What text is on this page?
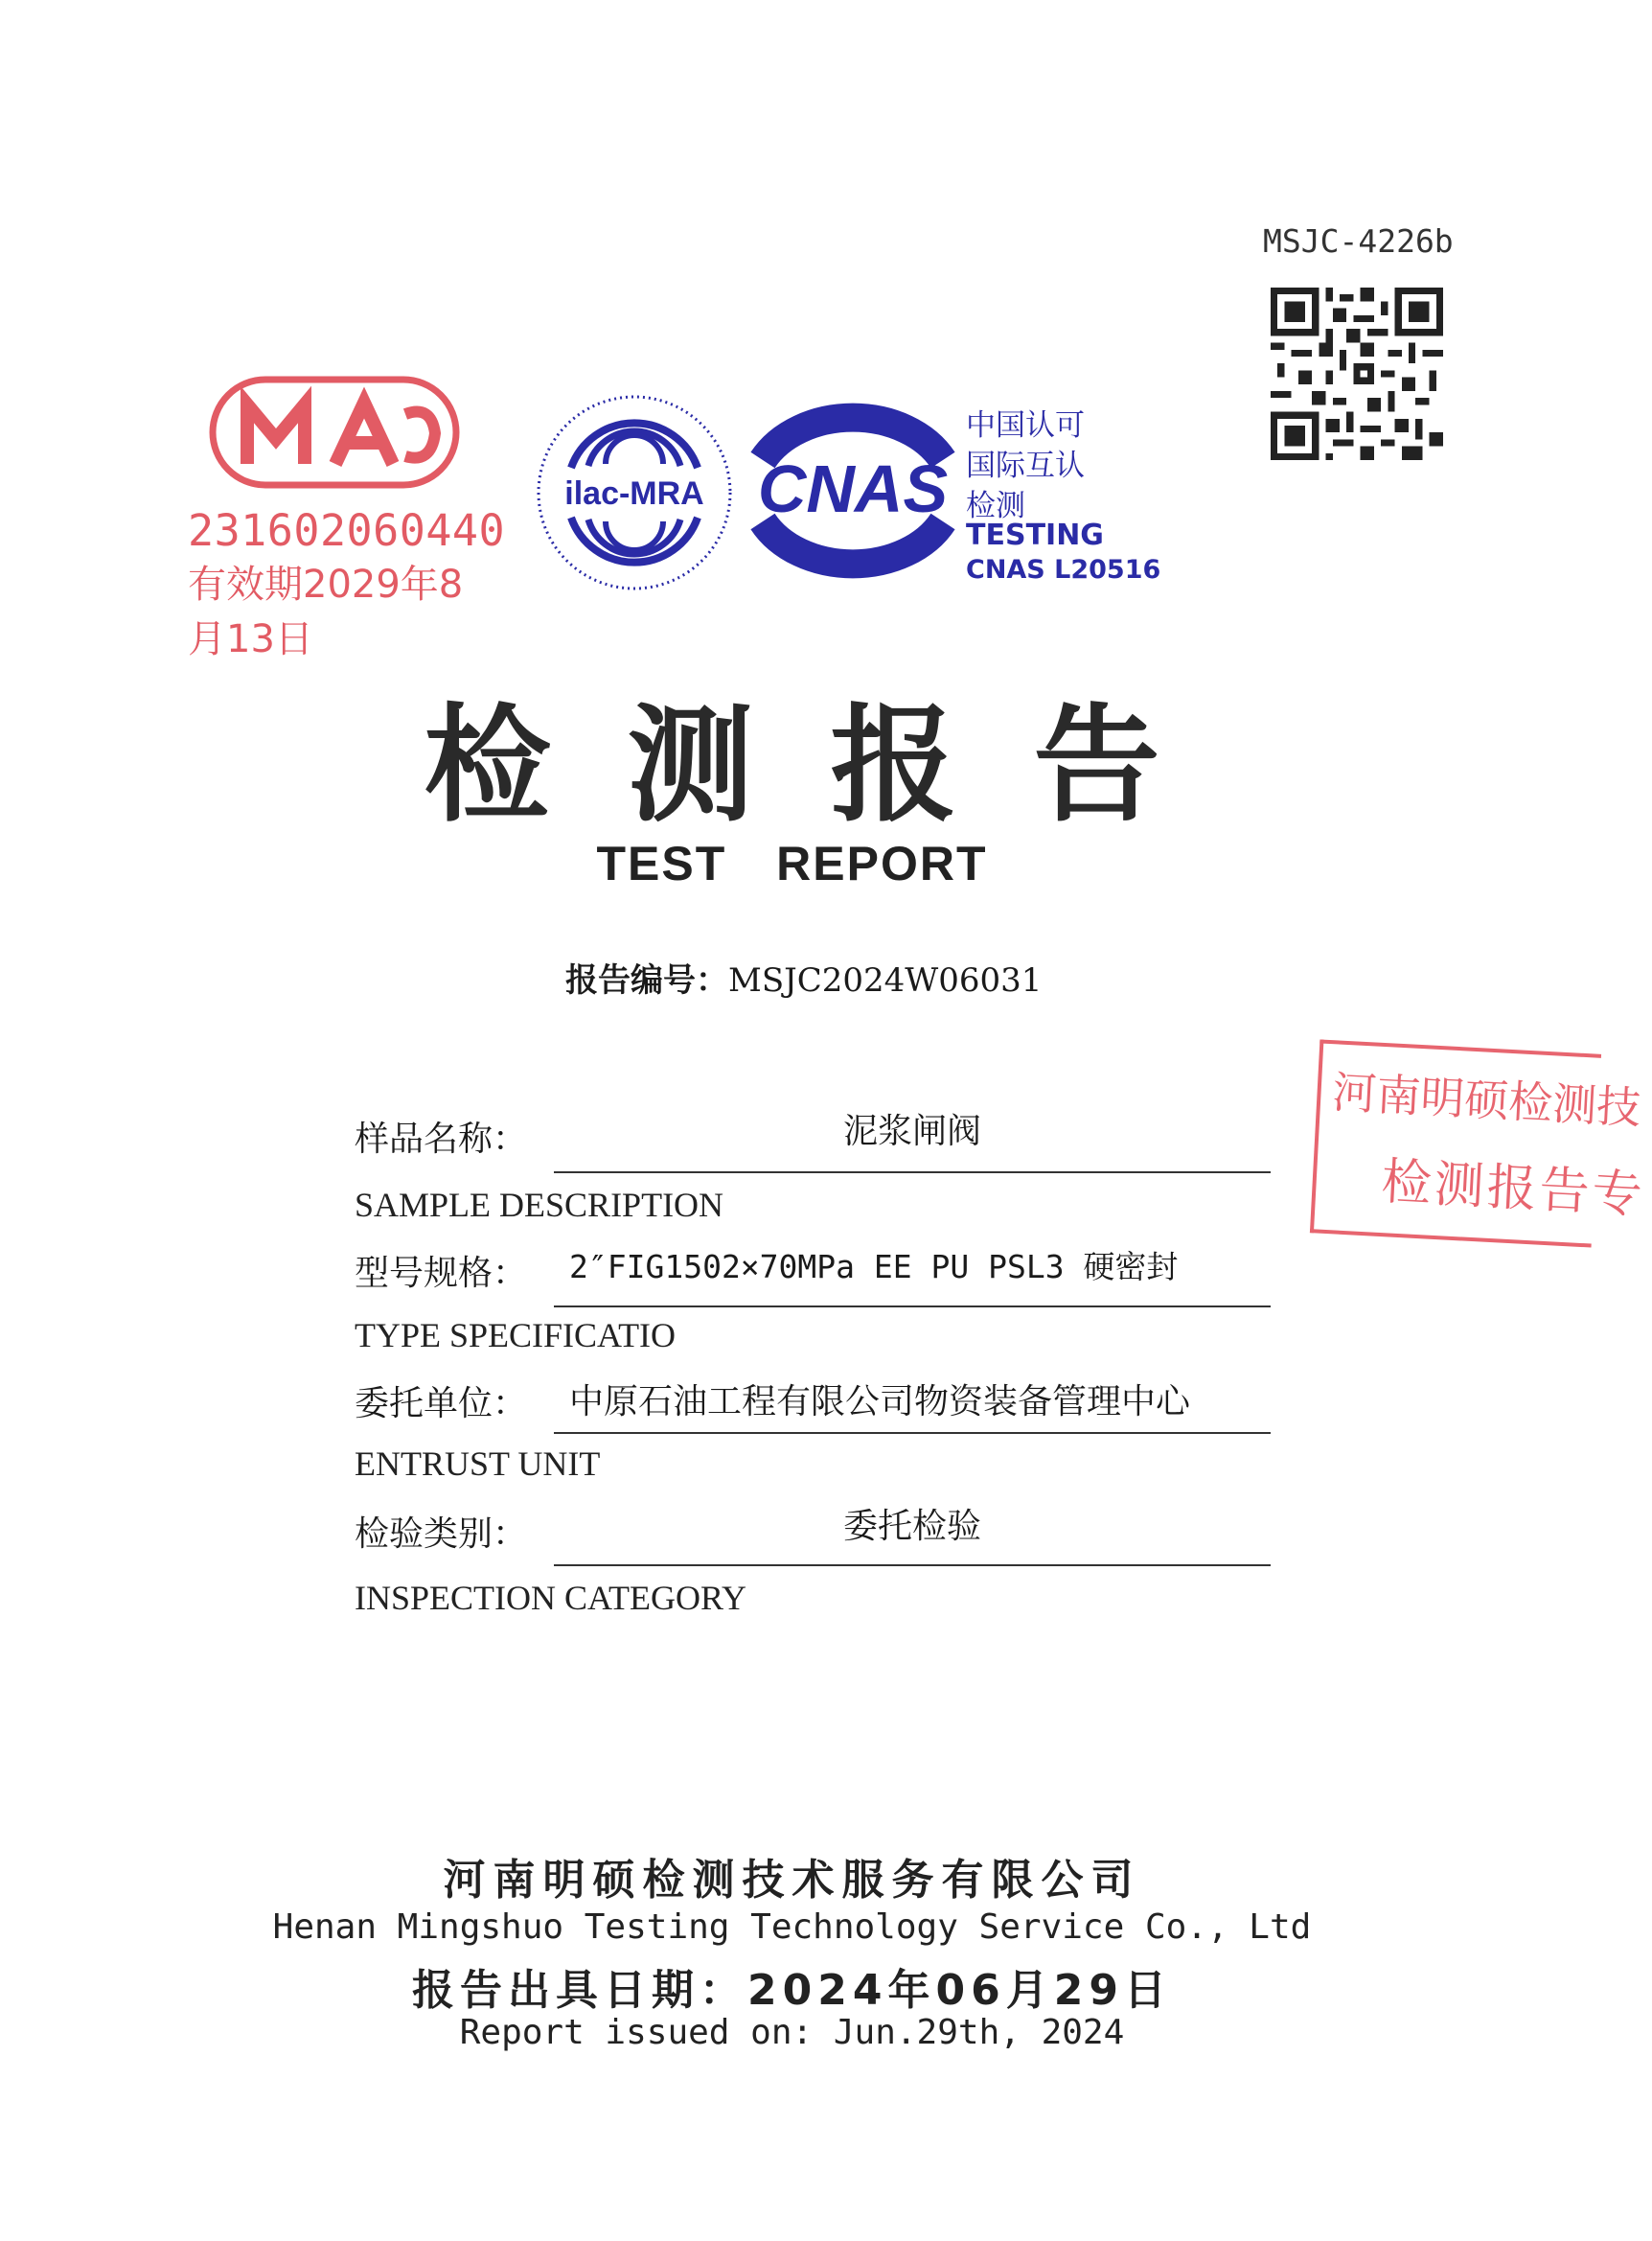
MSJC-4226b
231602060440
有效期2029年8月13日
ilac-MRA CNAS
中国认可
国际互认
检测
TESTING
CNAS L20516
检测报告
TEST REPORT
报告编号：MSJC2024W06031
样品名称：	泥浆闸阀
SAMPLE DESCRIPTION
型号规格： 2″FIG1502×70MPa EE PU PSL3 硬密封
TYPE SPECIFICATIO
委托单位： 中原石油工程有限公司物资装备管理中心
ENTRUST UNIT
检验类别：	委托检验
INSPECTION CATEGORY
河南明硕检测技
检测报告专
河南明硕检测技术服务有限公司
Henan Mingshuo Testing Technology Service Co., Ltd
报告出具日期：2024年06月29日
Report issued on: Jun.29th, 2024
